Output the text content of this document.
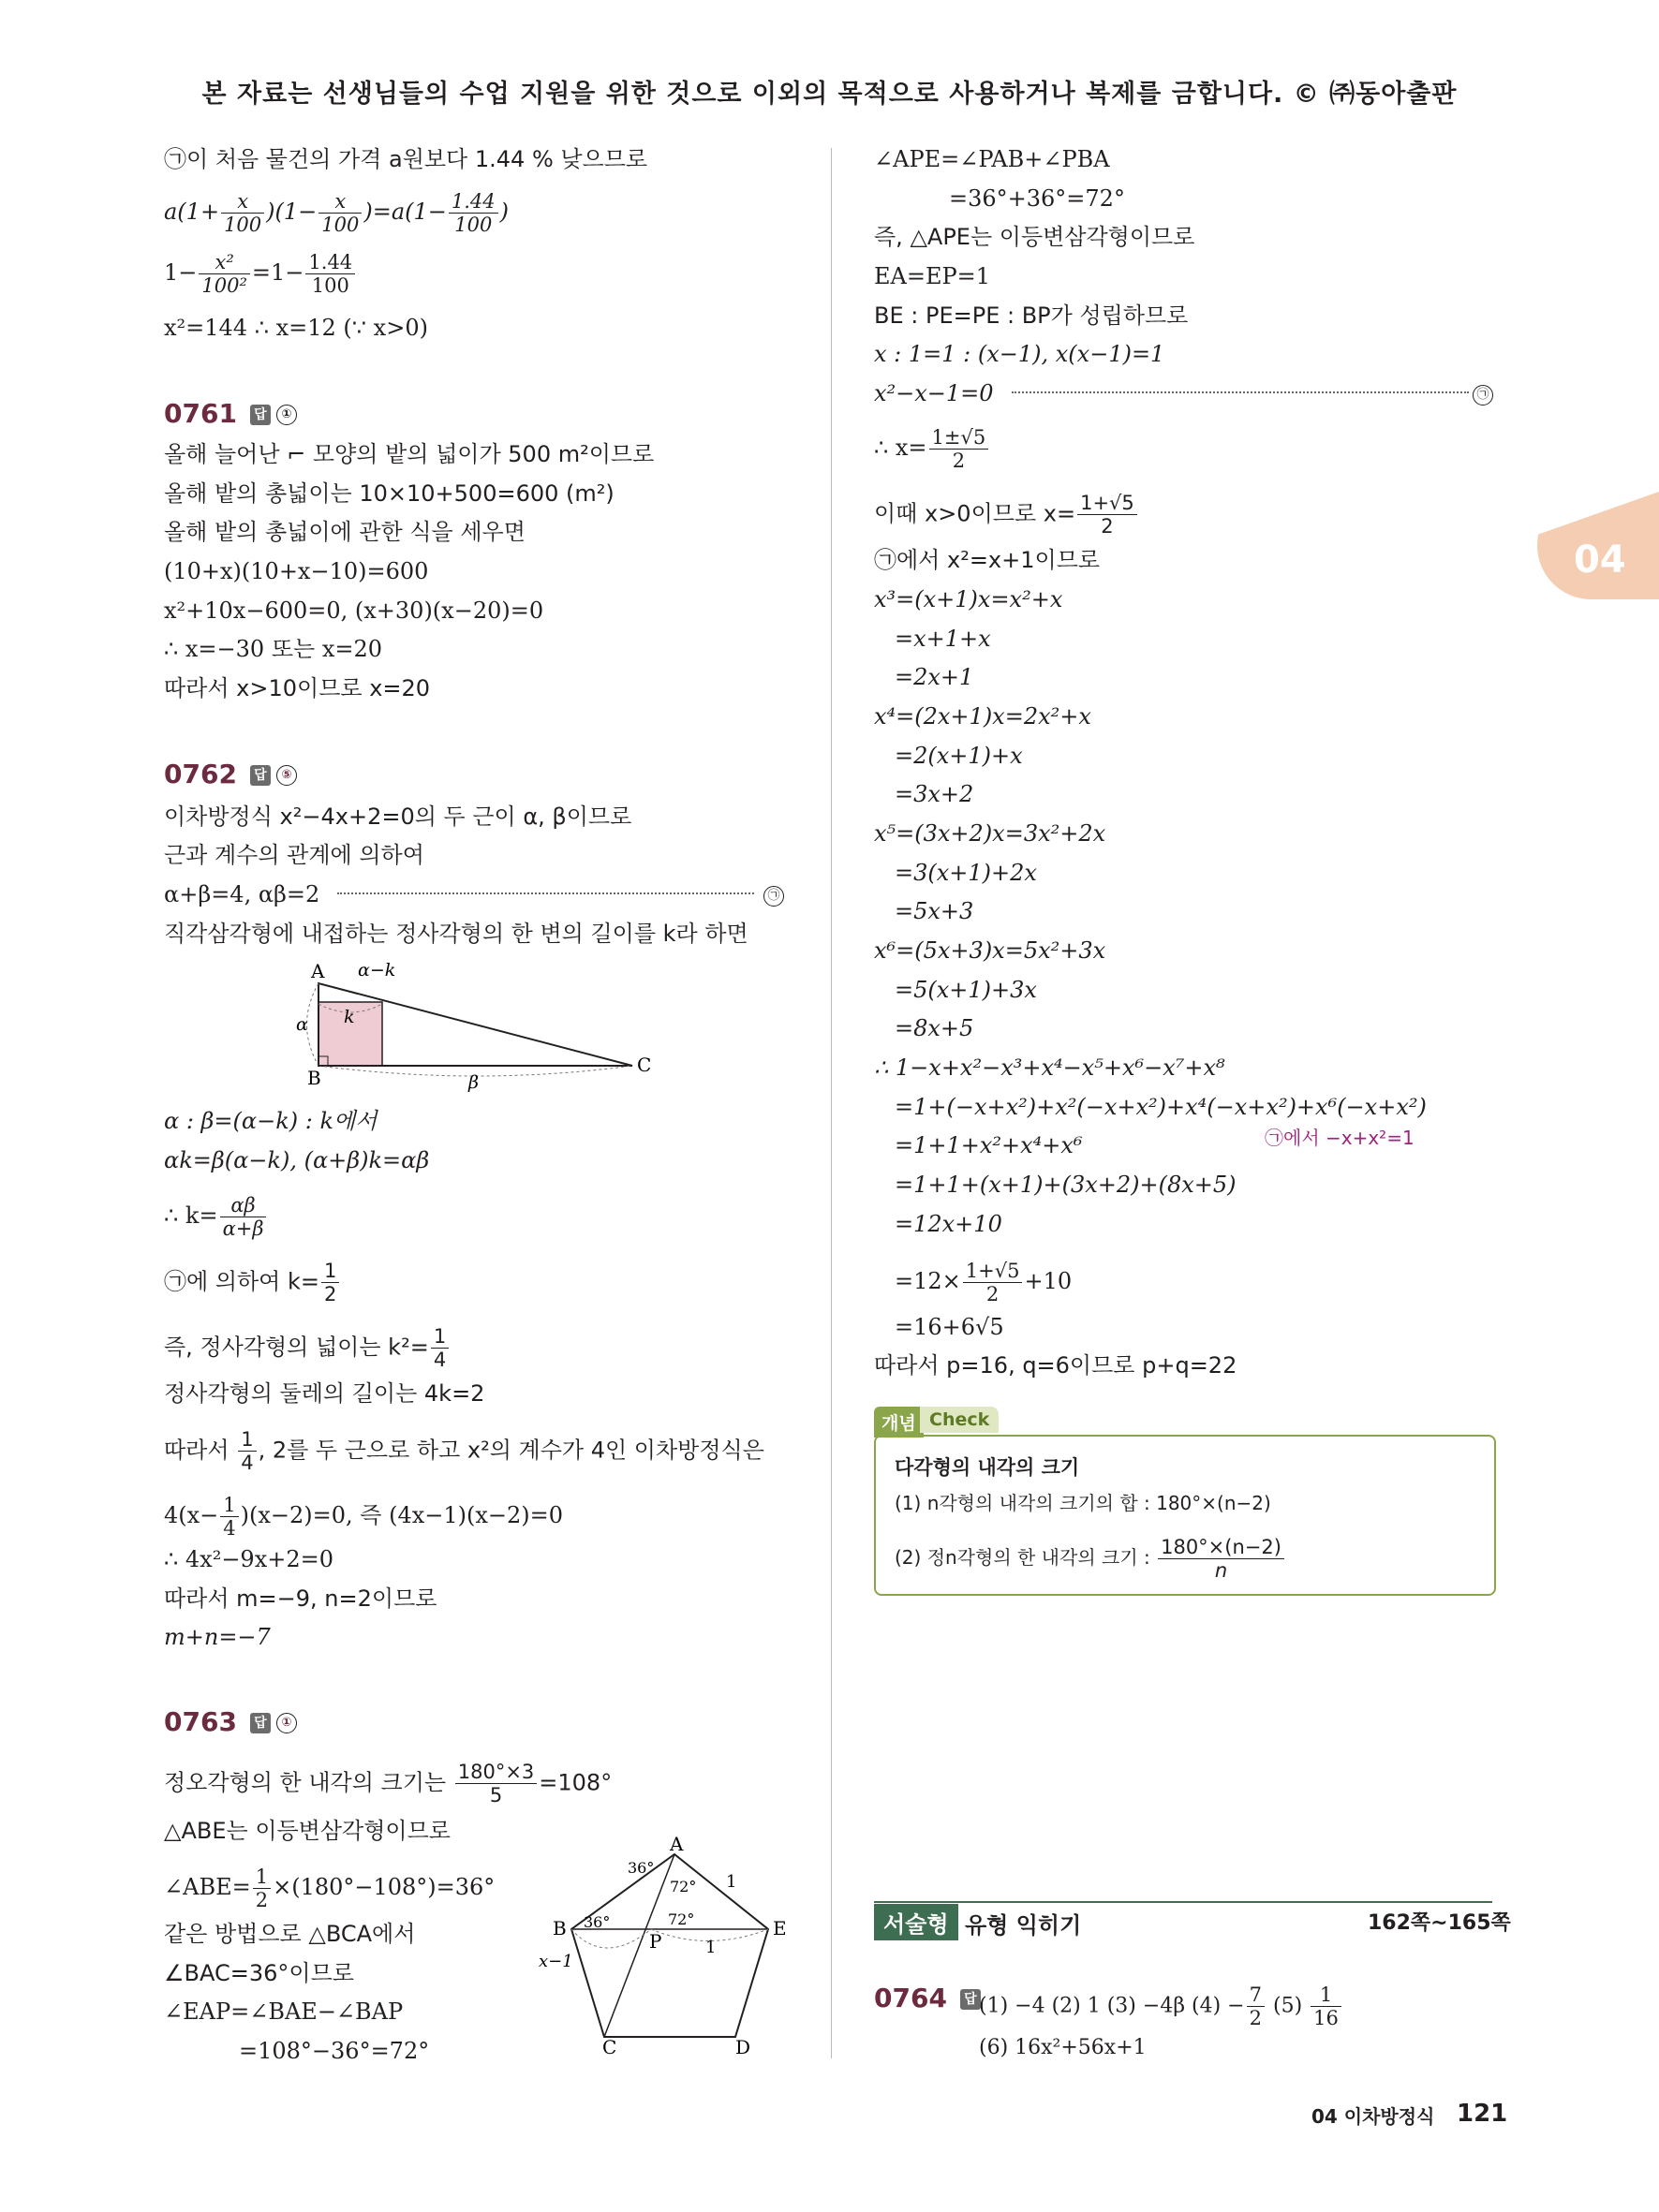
본 자료는 선생님들의 수업 지원을 위한 것으로 이외의 목적으로 사용하거나 복제를 금합니다. © ㈜동아출판
04
㉠이 처음 물건의 가격 a원보다 1.44 % 낮으므로
$a(1+ \frac{x}{100} )(1- \frac{x}{100} )=a(1- \frac{1.44}{100}$ )
$1- \frac{\text{x²}}{\text{100²}} =1- \frac{1.44}{100}$
x²=144 ∴ x=12 (∵ x>0)
0761 답 ①
올해 늘어난 ⌐ 모양의 밭의 넓이가 500 m²이므로
올해 밭의 총넓이는 10×10+500=600 (m²)
올해 밭의 총넓이에 관한 식을 세우면
(10+x)(10+x−10)=600
x²+10x−600=0, (x+30)(x−20)=0
∴ x=−30 또는 x=20
따라서 x>10이므로 x=20
0762 답 ⑤
이차방정식 x²−4x+2=0의 두 근이 α, β이므로
근과 계수의 관계에 의하여
α+β=4, αβ=2	㉠
직각삼각형에 내접하는 정사각형의 한 변의 길이를 k라 하면
A
B
C
α−k
k
α
β
α : β=(α−k) : k에서
αk=β(α−k), (α+β)k=αβ
∴ $k= \frac{\alpha\beta}{\alpha+\beta}$
㉠에 의하여 $k= \frac{1}{2}$
즉, 정사각형의 넓이는 $k^2= \frac{1}{4}$
정사각형의 둘레의 길이는 4k=2
따라서 $\frac{1}{4}$ , 2를 두 근으로 하고 x²의 계수가 4인 이차방정식은
$4(x- \frac{1}{4} )(x-2)=0$, 즉 (4x−1)(x−2)=0
∴ 4x²−9x+2=0
따라서 m=−9, n=2이므로
m+n=−7
0763 답 ①
정오각형의 한 내각의 크기는 $\frac{180^\circ\times 3}{5} =108^\circ$
△ABE는 이등변삼각형이므로
∠ABE= $\frac{1}{2} \times(180^\circ-108^\circ)=36^\circ$
같은 방법으로 △BCA에서
∠BAC=36°이므로
∠EAP=∠BAE−∠BAP
=108°−36°=72°
A
B	E
C	D
P
36°
72°
72°
36°
1
1
x−1
∠APE=∠PAB+∠PBA
=36°+36°=72°
즉, △APE는 이등변삼각형이므로
EA=EP=1
BE : PE=PE : BP가 성립하므로
x : 1=1 : (x−1), x(x−1)=1
x²−x−1=0	㉠
∴ $x= \frac{1\pm√5}{2}$
이때 x>0이므로 $x= \frac{1+√5}{2}$
㉠에서 x²=x+1이므로
x³=(x+1)x=x²+x
=x+1+x
=2x+1
x⁴=(2x+1)x=2x²+x
=2(x+1)+x
=3x+2
x⁵=(3x+2)x=3x²+2x
=3(x+1)+2x
=5x+3
x⁶=(5x+3)x=5x²+3x
=5(x+1)+3x
=8x+5
∴ 1−x+x²−x³+x⁴−x⁵+x⁶−x⁷+x⁸
=1+(−x+x²)+x²(−x+x²)+x⁴(−x+x²)+x⁶(−x+x²)
=1+1+x²+x⁴+x⁶	㉠에서 −x+x²=1
=1+1+(x+1)+(3x+2)+(8x+5)
=12x+10
$=12\times \frac{1+√5}{2} +10$
=16+6√5
따라서 p=16, q=6이므로 p+q=22
개념 Check
다각형의 내각의 크기
(1) n각형의 내각의 크기의 합 : 180°×(n−2)
(2) 정n각형의 한 내각의 크기 : $\frac{180^\circ\times(n-2)}{n}$
서술형 유형 익히기	162쪽~165쪽
0764 답 (1) −4 (2) 1 (3) −4β $(4) - \frac{7}{2} (5) \frac{1}{16}$
(6) 16x²+56x+1
04 이차방정식 121
